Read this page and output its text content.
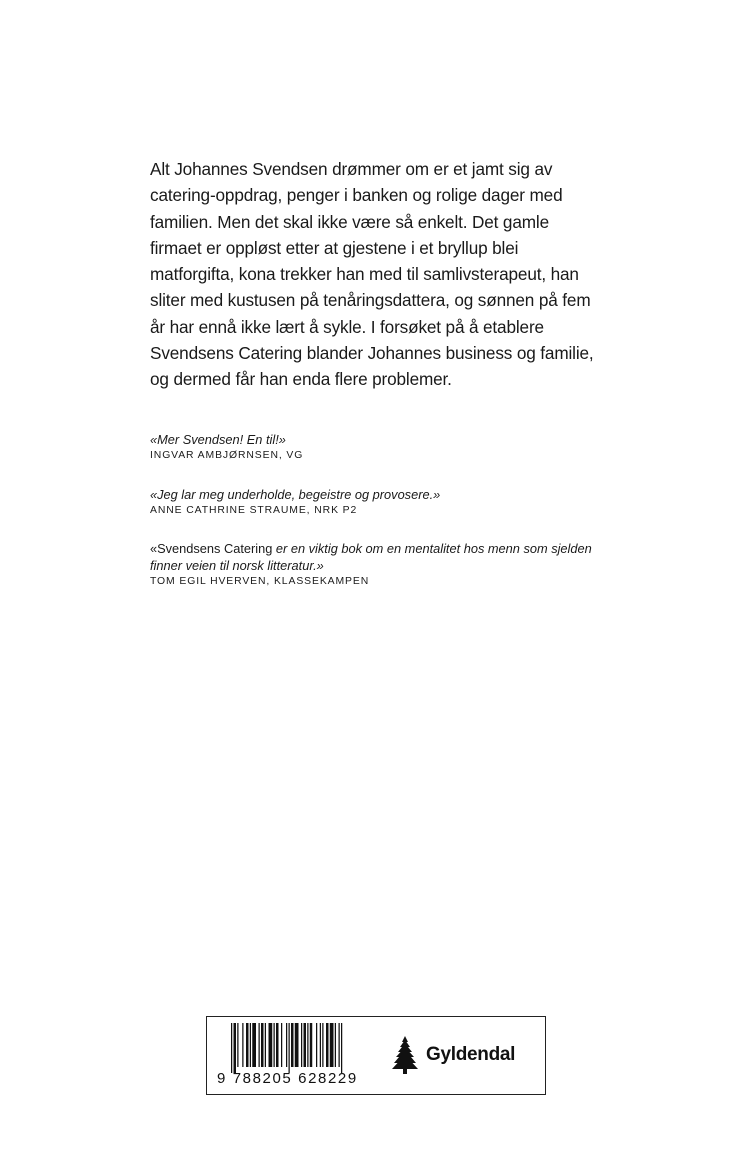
Alt Johannes Svendsen drømmer om er et jamt sig av catering-oppdrag, penger i banken og rolige dager med familien. Men det skal ikke være så enkelt. Det gamle firmaet er oppløst etter at gjestene i et bryllup blei matforgifta, kona trekker han med til samlivsterapeut, han sliter med kustusen på tenåringsdattera, og sønnen på fem år har ennå ikke lært å sykle. I forsøket på å etablere Svendsens Catering blander Johannes business og familie, og dermed får han enda flere problemer.

«Mer Svendsen! En til!»
INGVAR AMBJØRNSEN, VG
«Jeg lar meg underholde, begeistre og provosere.»
ANNE CATHRINE STRAUME, NRK P2
«Svendsens Catering er en viktig bok om en mentalitet hos menn som sjelden finner veien til norsk litteratur.»
TOM EGIL HVERVEN, KLASSEKAMPEN
9 788205 628229
Gyldendal
